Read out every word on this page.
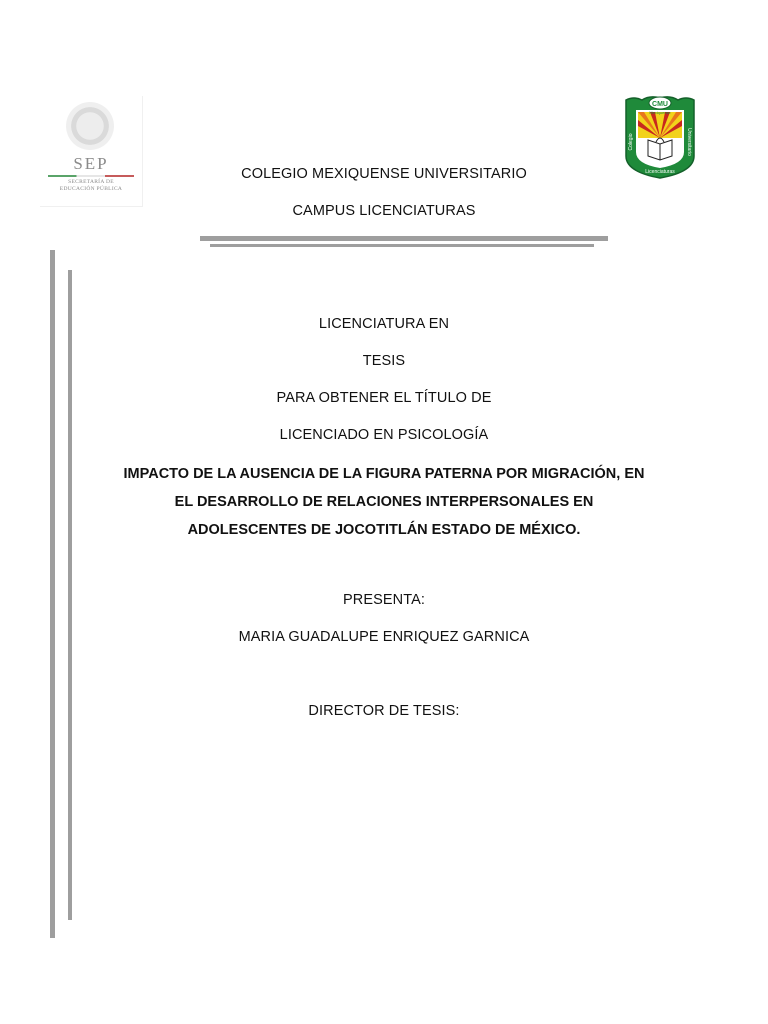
SEP
SECRETARÍA DE
EDUCACIÓN PÚBLICA
CMU
Colegio
Mexiquense
Universitario
Licenciaturas
COLEGIO MEXIQUENSE UNIVERSITARIO
CAMPUS LICENCIATURAS
LICENCIATURA EN
TESIS
PARA OBTENER EL TÍTULO DE
LICENCIADO EN PSICOLOGÍA
IMPACTO DE LA AUSENCIA DE LA FIGURA PATERNA POR MIGRACIÓN, EN
EL DESARROLLO DE RELACIONES INTERPERSONALES EN
ADOLESCENTES DE JOCOTITLÁN ESTADO DE MÉXICO.
PRESENTA:
MARIA GUADALUPE ENRIQUEZ GARNICA
DIRECTOR DE TESIS:
